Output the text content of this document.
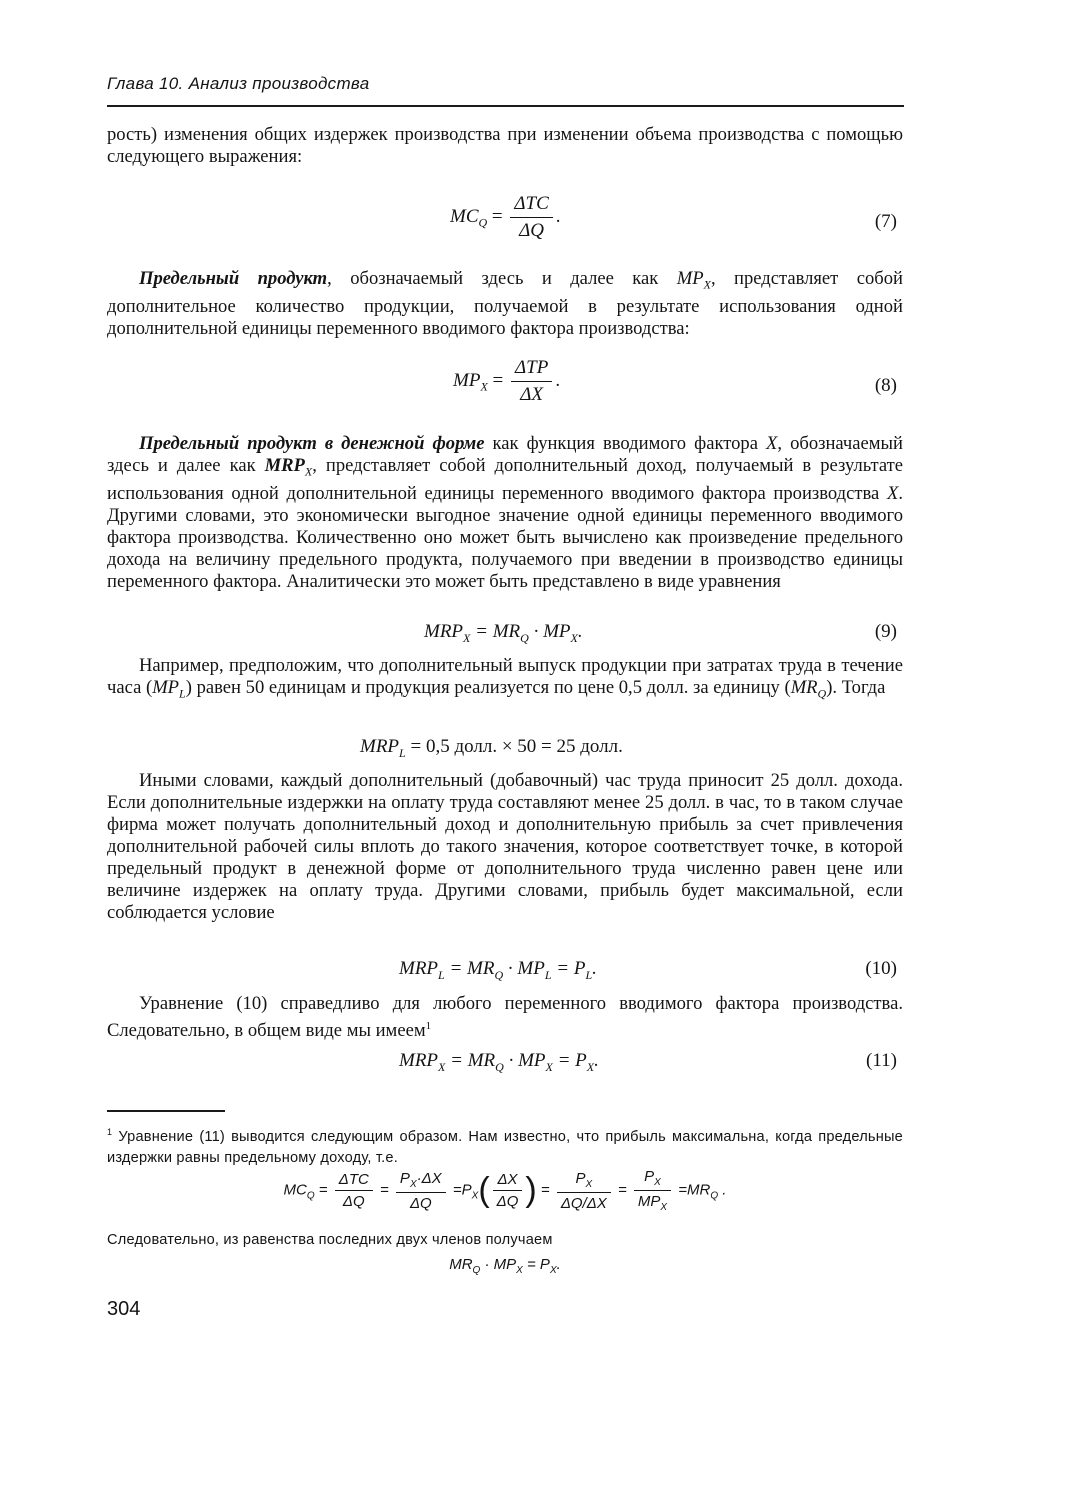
Глава 10. Анализ производства

рость) изменения общих издержек производства при изменении объема производства с помощью следующего выражения:

$MC_Q = \frac{\text{ΔTC}}{\Delta Q}$ .	(7)

Предельный продукт, обозначаемый здесь и далее как $MP_X$, представляет собой дополнительное количество продукции, получаемой в результате использования одной дополнительной единицы переменного вводимого фактора производства:

$MP_X = \frac{\text{ΔTP}}{\Delta X}$ .	(8)

Предельный продукт в денежной форме как функция вводимого фактора X, обозначаемый здесь и далее как $MRP_X$, представляет собой дополнительный доход, получаемый в результате использования одной дополнительной единицы переменного вводимого фактора производства X. Другими словами, это экономически выгодное значение одной единицы переменного вводимого фактора производства. Количественно оно может быть вычислено как произведение предельного дохода на величину предельного продукта, получаемого при введении в производство единицы переменного фактора. Аналитически это может быть представлено в виде уравнения

$MRP_X = MR_Q \cdot MP_X$.	(9)

Например, предположим, что дополнительный выпуск продукции при затратах труда в течение часа $(MP_L)$ равен 50 единицам и продукция реализуется по цене 0,5 долл. за единицу $(MR_Q)$. Тогда

$MRP_L = 0,5$ долл. × 50 = 25 долл.

Иными словами, каждый дополнительный (добавочный) час труда приносит 25 долл. дохода. Если дополнительные издержки на оплату труда составляют менее 25 долл. в час, то в таком случае фирма может получать дополнительный доход и дополнительную прибыль за счет привлечения дополнительной рабочей силы вплоть до такого значения, которое соответствует точке, в которой предельный продукт в денежной форме от дополнительного труда численно равен цене или величине издержек на оплату труда. Другими словами, прибыль будет максимальной, если соблюдается условие

$MRP_L = MR_Q \cdot MP_L = P_L$.	(10)

Уравнение (10) справедливо для любого переменного вводимого фактора производства. Следовательно, в общем виде мы имеем$^1$

$MRP_X = MR_Q \cdot MP_X = P_X$.	(11)

$^1$ Уравнение (11) выводится следующим образом. Нам известно, что прибыль максимальна, когда предельные издержки равны предельному доходу, т.е.

$MC_Q = \frac{\text{ΔTC}}{\Delta Q} = \frac{P_X\cdot\Delta X}{\Delta Q} =P_X( \frac{\Delta X}{\Delta Q}$ ) = $\frac{P_X}{\Delta Q/\Delta X} = \frac{P_X}{MP_X} =MR_Q$ .

Следовательно, из равенства последних двух членов получаем

$MR_Q \cdot MP_X = P_X$.
304
